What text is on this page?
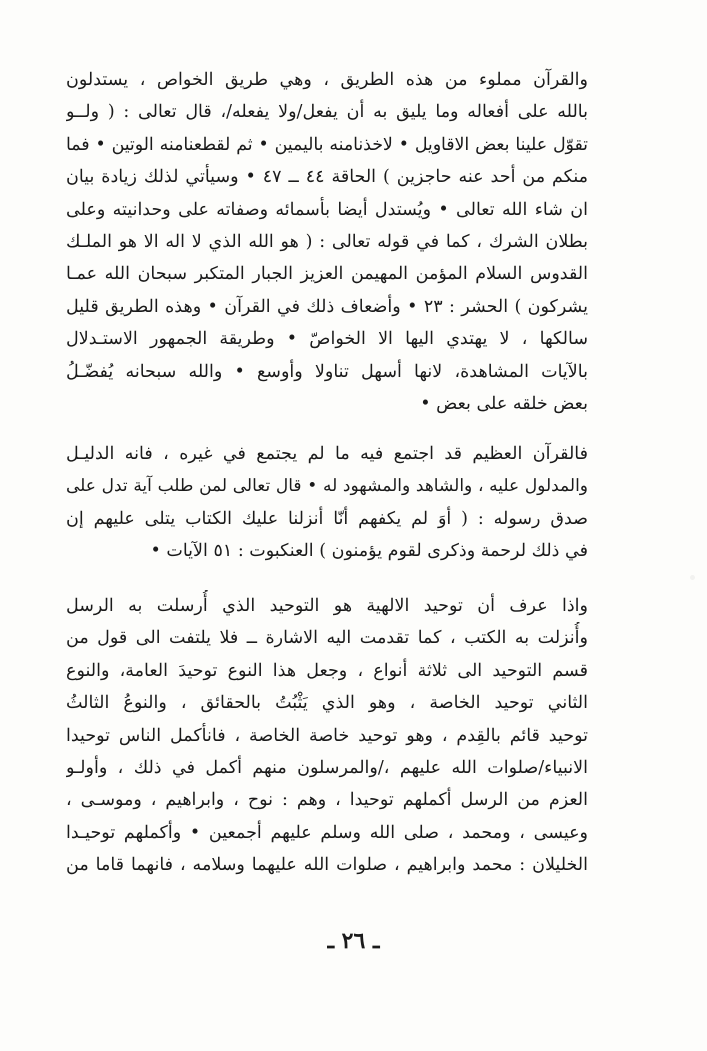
والقرآن مملوء من هذه الطريق ، وهي طريق الخواص ، يستدلون
بالله على أفعاله وما يليق به أن يفعل/ولا يفعله/، قال تعالى : ( ولــو
تقوّل علينا بعض الاقاويل • لاخذنامنه باليمين • ثم لقطعنامنه الوتين • فما
منكم من أحد عنه حاجزين ) الحاقة ٤٤ ــ ٤٧ • وسيأتي لذلك زيادة بيان
ان شاء الله تعالى • ويُستدل أيضا بأسمائه وصفاته على وحدانيته وعلى
بطلان الشرك ، كما في قوله تعالى : ( هو الله الذي لا اله الا هو الملـك
القدوس السلام المؤمن المهيمن العزيز الجبار المتكبر سبحان الله عمـا
يشركون ) الحشر : ٢٣ • وأضعاف ذلك في القرآن • وهذه الطريق قليل
سالكها ، لا يهتدي اليها الا الخواصّ • وطريقة الجمهور الاستـدلال
بالآيات المشاهدة، لانها أسهل تناولا وأوسع • والله سبحانه يُفضّـلُ
بعض خلقه على بعض •
فالقرآن العظيم قد اجتمع فيه ما لم يجتمع في غيره ، فانه الدليـل
والمدلول عليه ، والشاهد والمشهود له • قال تعالى لمن طلب آية تدل على
صدق رسوله : ( أوَ لم يكفهم أنّا أنزلنا عليك الكتاب يتلى عليهم إن
في ذلك لرحمة وذكرى لقوم يؤمنون ) العنكبوت : ٥١ الآيات •
واذا عرف أن توحيد الالهية هو التوحيد الذي أُرسلت به الرسل
وأُنزلت به الكتب ، كما تقدمت اليه الاشارة ــ فلا يلتفت الى قول من
قسم التوحيد الى ثلاثة أنواع ، وجعل هذا النوع توحيدَ العامة، والنوع
الثاني توحيد الخاصة ، وهو الذي يَثْبُتُ بالحقائق ، والنوعُ الثالثُ
توحيد قائم بالقِدم ، وهو توحيد خاصة الخاصة ، فانأكمل الناس توحيدا
الانبياء/صلوات الله عليهم ،/والمرسلون منهم أكمل في ذلك ، وأولـو
العزم من الرسل أكملهم توحيدا ، وهم : نوح ، وابراهيم ، وموسـى ،
وعيسى ، ومحمد ، صلى الله وسلم عليهم أجمعين • وأكملهم توحيـدا
الخليلان : محمد وابراهيم ، صلوات الله عليهما وسلامه ، فانهما قاما من
ـ ٢٦ ـ
